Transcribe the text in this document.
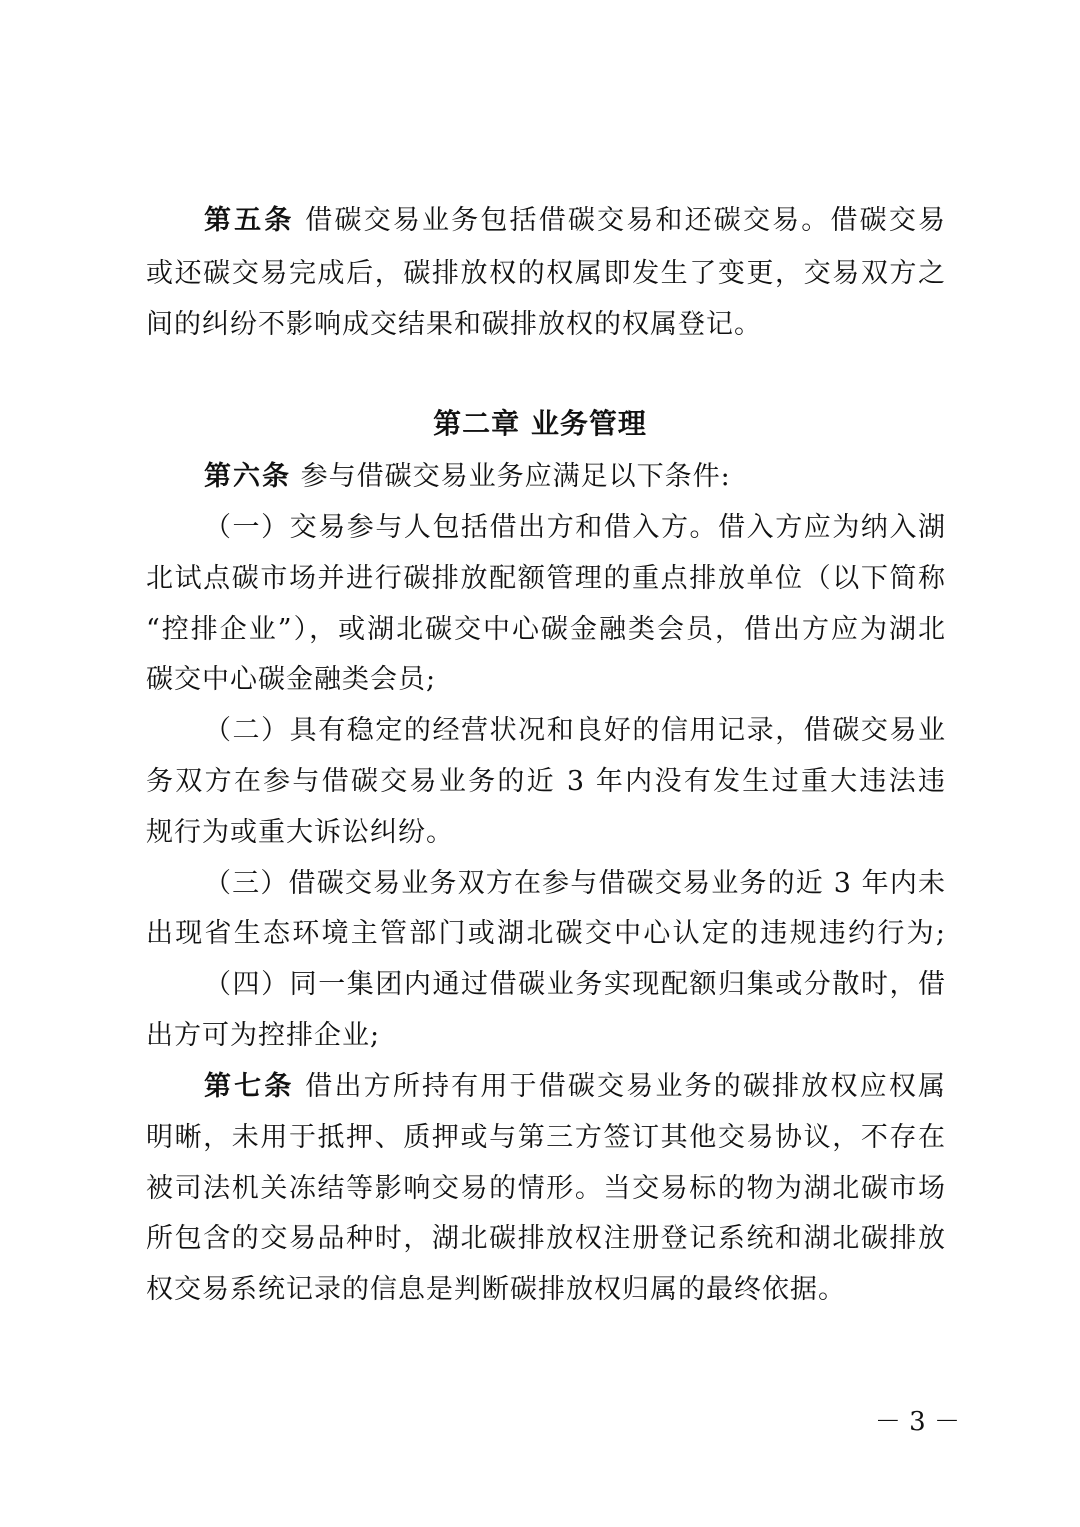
第五条 借碳交易业务包括借碳交易和还碳交易。借碳交易
或还碳交易完成后，碳排放权的权属即发生了变更，交易双方之
间的纠纷不影响成交结果和碳排放权的权属登记。
第二章 业务管理
第六条 参与借碳交易业务应满足以下条件:
（一）交易参与人包括借出方和借入方。借入方应为纳入湖
北试点碳市场并进行碳排放配额管理的重点排放单位（以下简称
“控排企业”），或湖北碳交中心碳金融类会员，借出方应为湖北
碳交中心碳金融类会员;
（二）具有稳定的经营状况和良好的信用记录，借碳交易业
务双方在参与借碳交易业务的近 3 年内没有发生过重大违法违
规行为或重大诉讼纠纷。
（三）借碳交易业务双方在参与借碳交易业务的近 3 年内未
出现省生态环境主管部门或湖北碳交中心认定的违规违约行为;
（四）同一集团内通过借碳业务实现配额归集或分散时，借
出方可为控排企业;
第七条 借出方所持有用于借碳交易业务的碳排放权应权属
明晰，未用于抵押、质押或与第三方签订其他交易协议，不存在
被司法机关冻结等影响交易的情形。当交易标的物为湖北碳市场
所包含的交易品种时，湖北碳排放权注册登记系统和湖北碳排放
权交易系统记录的信息是判断碳排放权归属的最终依据。
－ 3 －
